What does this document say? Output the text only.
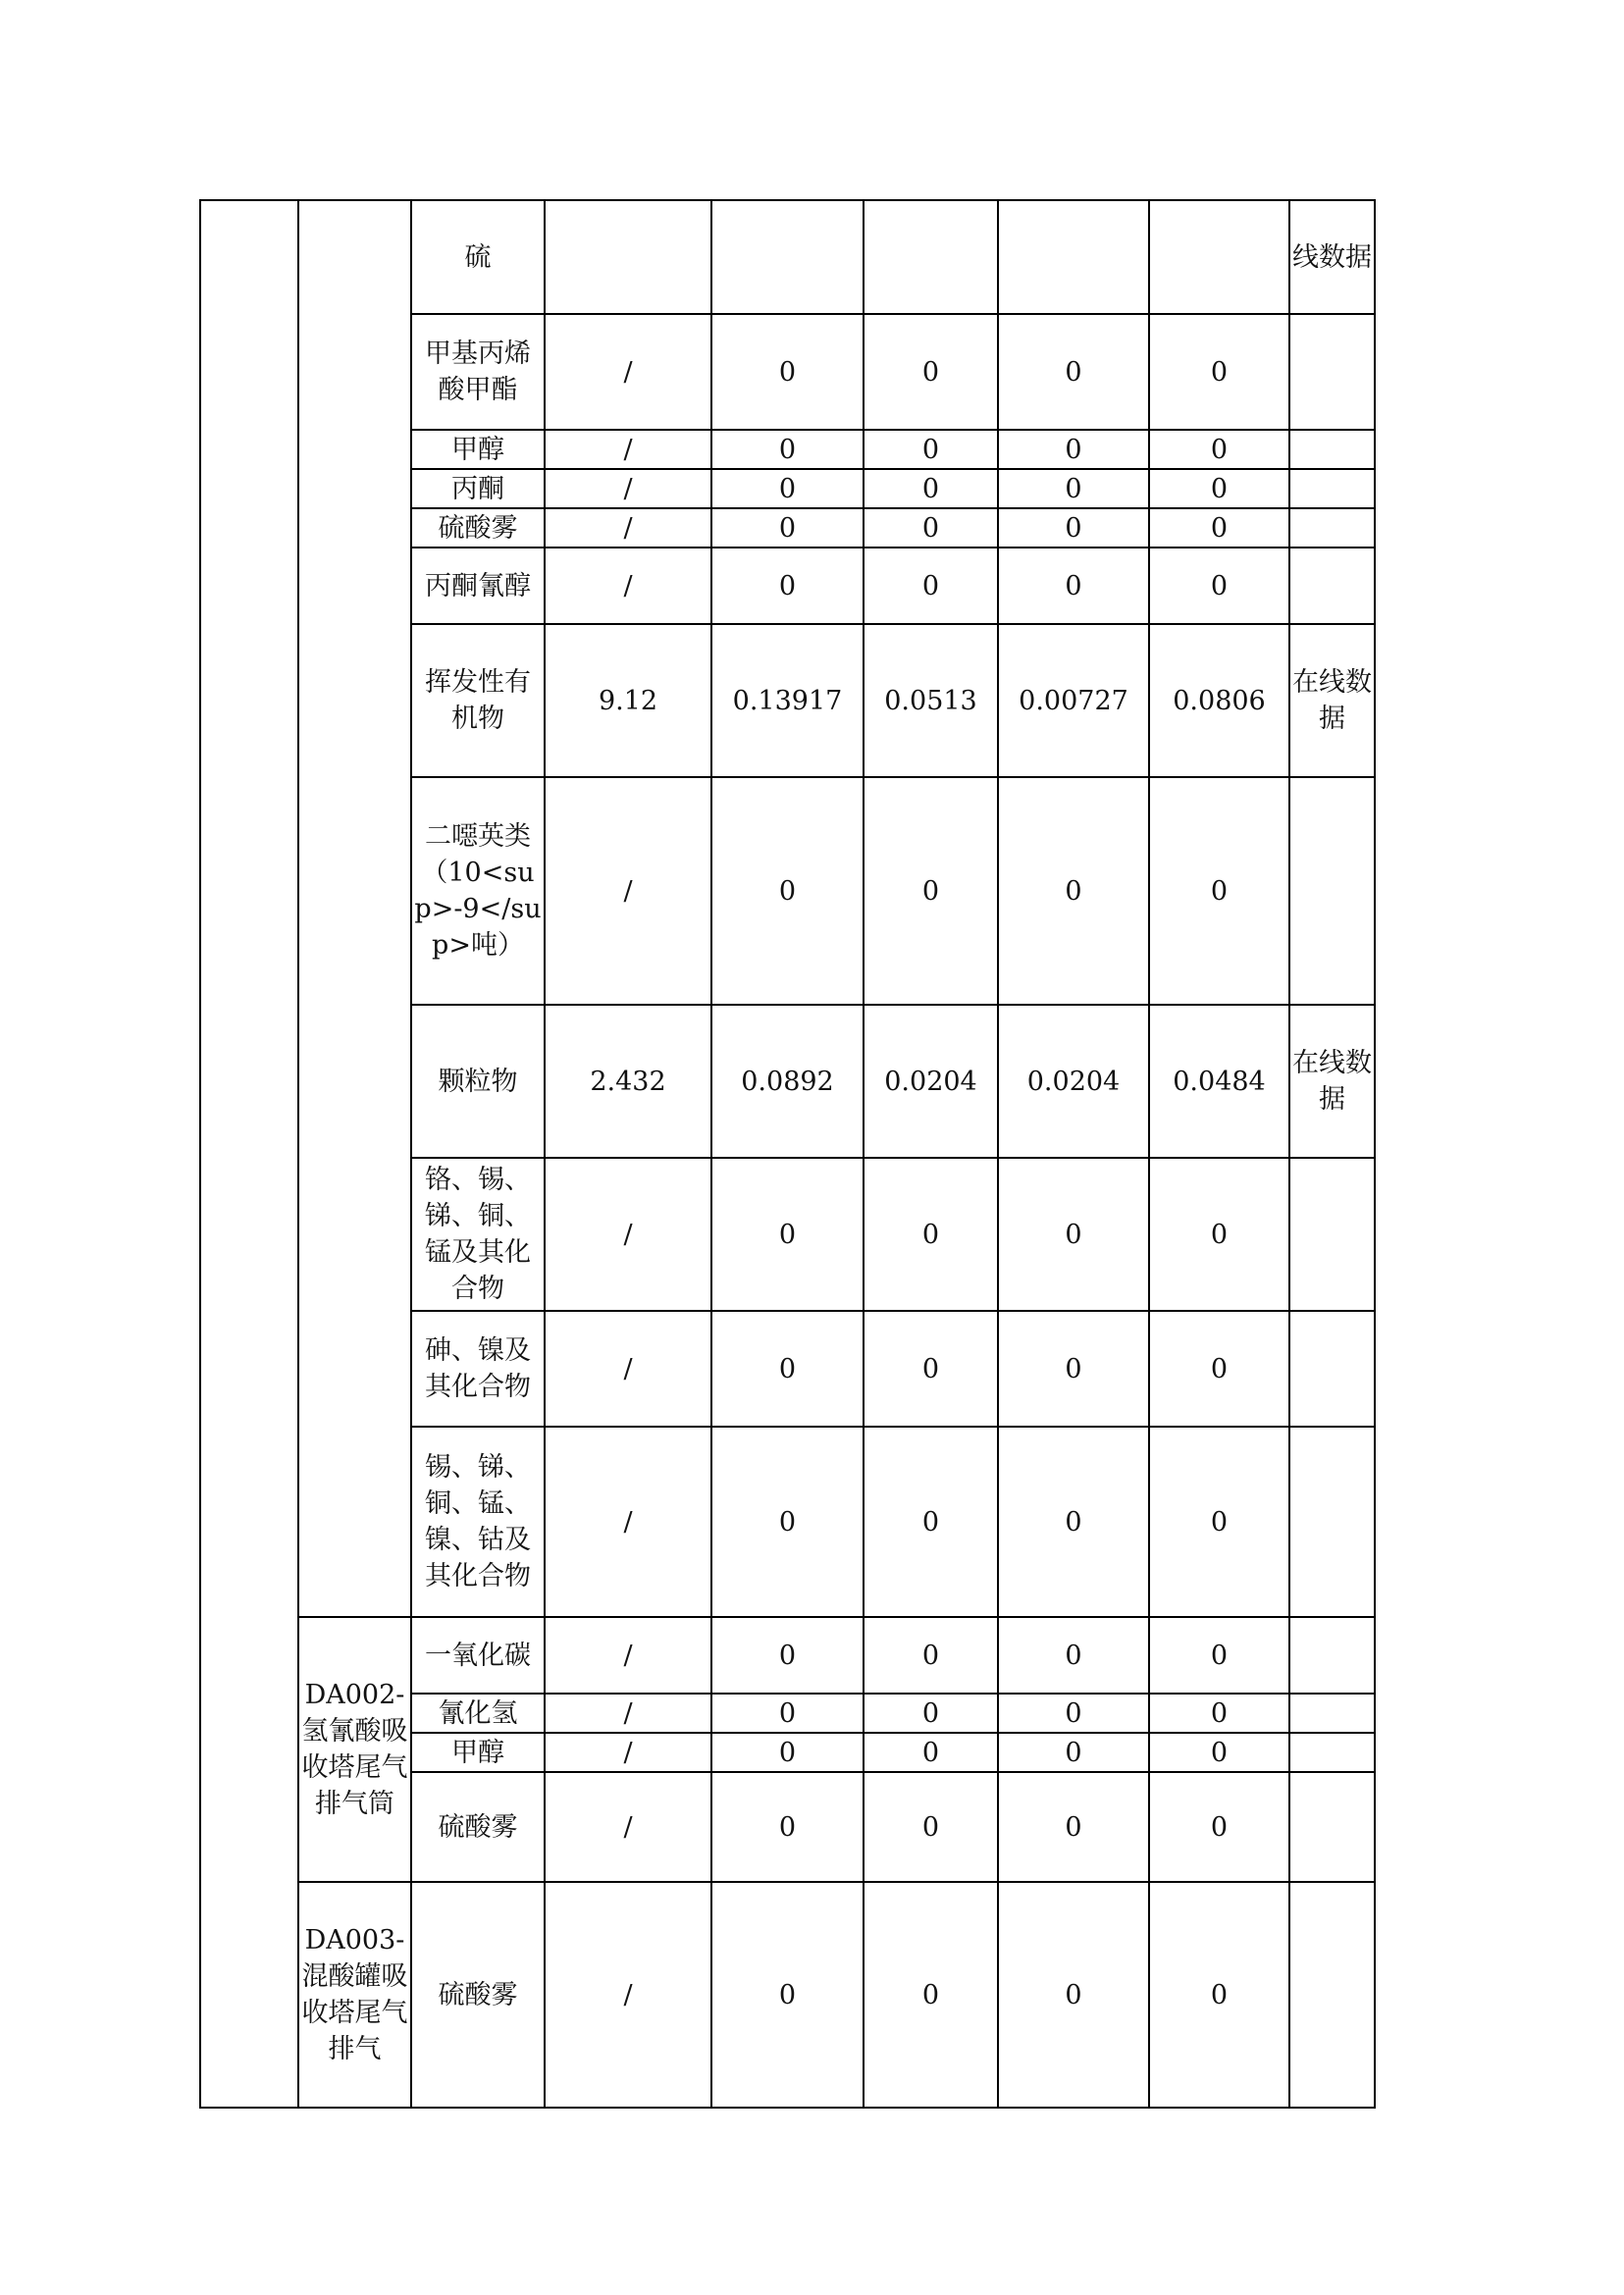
		硫						线数据
		甲基丙烯酸甲酯	/	0	0	0	0	
		甲醇	/	0	0	0	0	
		丙酮	/	0	0	0	0	
		硫酸雾	/	0	0	0	0	
		丙酮氰醇	/	0	0	0	0	
		挥发性有机物	9.12	0.13917	0.0513	0.00727	0.0806	在线数据
		二噁英类（10<sup>-9</sup>吨）	/	0	0	0	0	
		颗粒物	2.432	0.0892	0.0204	0.0204	0.0484	在线数据
		铬、锡、锑、铜、锰及其化合物	/	0	0	0	0	
		砷、镍及其化合物	/	0	0	0	0	
		锡、锑、铜、锰、镍、钴及其化合物	/	0	0	0	0	
	DA002-氢氰酸吸收塔尾气排气筒	一氧化碳	/	0	0	0	0	
		氰化氢	/	0	0	0	0	
		甲醇	/	0	0	0	0	
		硫酸雾	/	0	0	0	0	
	DA003-混酸罐吸收塔尾气排气	硫酸雾	/	0	0	0	0	
